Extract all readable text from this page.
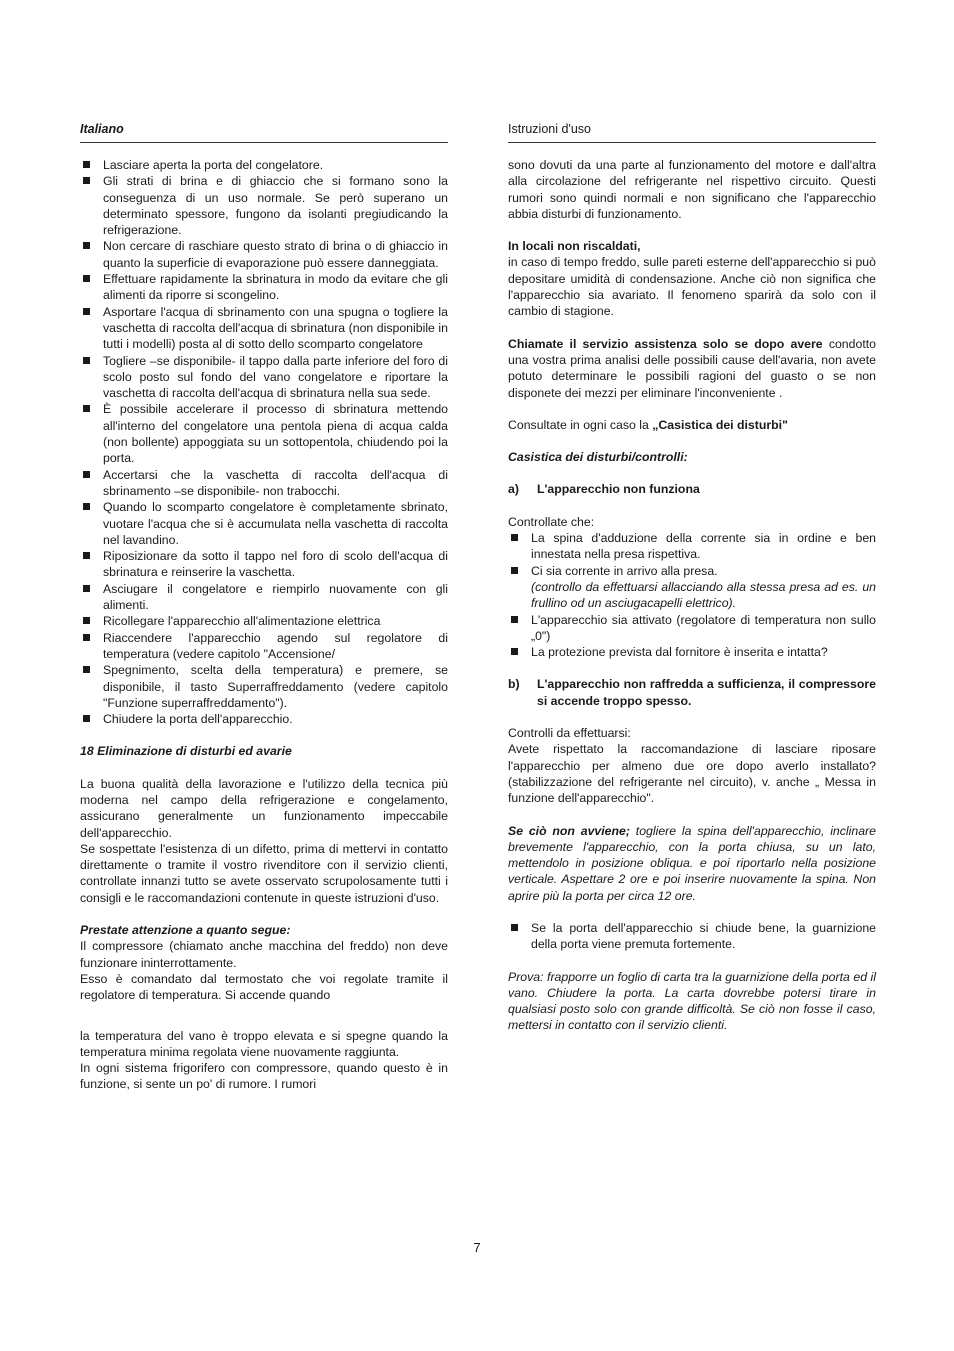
Italiano	Istruzioni d'uso
Lasciare aperta la porta del congelatore.
Gli strati di brina e di ghiaccio che si formano sono la conseguenza di un uso normale. Se però superano un determinato spessore, fungono da isolanti pregiudicando la refrigerazione.
Non cercare di raschiare questo strato di brina o di ghiaccio in quanto la superficie di evaporazione può essere danneggiata.
Effettuare rapidamente la sbrinatura in modo da evitare che gli alimenti da riporre si scongelino.
Asportare l'acqua di sbrinamento con una spugna o togliere la vaschetta di raccolta dell'acqua di sbrinatura (non disponibile in tutti i modelli) posta al di sotto dello scomparto congelatore
Togliere –se disponibile- il tappo dalla parte inferiore del foro di scolo posto sul fondo del vano congelatore e riportare la vaschetta di raccolta dell'acqua di sbrinatura nella sua sede.
È possibile accelerare il processo di sbrinatura mettendo all'interno del congelatore una pentola piena di acqua calda (non bollente) appoggiata su un sottopentola, chiudendo poi la porta.
Accertarsi che la vaschetta di raccolta dell'acqua di sbrinamento –se disponibile- non trabocchi.
Quando lo scomparto congelatore è completamente sbrinato, vuotare l'acqua che si è accumulata nella vaschetta di raccolta nel lavandino.
Riposizionare da sotto il tappo nel foro di scolo dell'acqua di sbrinatura e reinserire la vaschetta.
Asciugare il congelatore e riempirlo nuovamente con gli alimenti.
Ricollegare l'apparecchio all'alimentazione elettrica
Riaccendere l'apparecchio agendo sul regolatore di temperatura (vedere capitolo "Accensione/
Spegnimento, scelta della temperatura) e premere, se disponibile, il tasto Superraffreddamento (vedere capitolo "Funzione superraffreddamento").
Chiudere la porta dell'apparecchio.

18 Eliminazione di disturbi ed avarie

La buona qualità della lavorazione e l'utilizzo della tecnica più moderna nel campo della refrigerazione e congelamento, assicurano generalmente un funzionamento impeccabile dell'apparecchio.

Se sospettate l'esistenza di un difetto, prima di mettervi in contatto direttamente o tramite il vostro rivenditore con il servizio clienti, controllate innanzi tutto se avete osservato scrupolosamente tutti i consigli e le raccomandazioni contenute in queste istruzioni d'uso.

Prestate attenzione a quanto segue:

Il compressore (chiamato anche macchina del freddo) non deve funzionare ininterrottamente.

Esso è comandato dal termostato che voi regolate tramite il regolatore di temperatura. Si accende quando

la temperatura del vano è troppo elevata e si spegne quando la temperatura minima regolata viene nuovamente raggiunta.

In ogni sistema frigorifero con compressore, quando questo è in funzione, si sente un po' di rumore. I rumori

sono dovuti da una parte al funzionamento del motore e dall'altra alla circolazione del refrigerante nel rispettivo circuito. Questi rumori sono quindi normali e non significano che l'apparecchio abbia disturbi di funzionamento.

In locali non riscaldati,

in caso di tempo freddo, sulle pareti esterne dell'apparecchio si può depositare umidità di condensazione. Anche ciò non significa che l'apparecchio sia avariato. Il fenomeno sparirà da solo con il cambio di stagione.

Chiamate il servizio assistenza solo se dopo avere condotto una vostra prima analisi delle possibili cause dell'avaria, non avete potuto determinare le possibili ragioni del guasto o se non disponete dei mezzi per eliminare l'inconveniente .

Consultate in ogni caso la „Casistica dei disturbi"

Casistica dei disturbi/controlli:

a)	L'apparecchio non funziona

Controllate che:

La spina d'adduzione della corrente sia in ordine e ben innestata nella presa rispettiva.
Ci sia corrente in arrivo alla presa.
(controllo da effettuarsi allacciando alla stessa presa ad es. un frullino od un asciugacapelli elettrico).
L'apparecchio sia attivato (regolatore di temperatura non sullo „0")
La protezione prevista dal fornitore è inserita e intatta?
b)	L'apparecchio non raffredda a sufficienza, il compressore si accende troppo spesso.

Controlli da effettuarsi:

Avete rispettato la raccomandazione di lasciare riposare l'apparecchio per almeno due ore dopo averlo installato? (stabilizzazione del refrigerante nel circuito), v. anche „ Messa in funzione dell'apparecchio".

Se ciò non avviene; togliere la spina dell'apparecchio, inclinare brevemente l'apparecchio, con la porta chiusa, su un lato, mettendolo in posizione obliqua. e poi riportarlo nella posizione verticale. Aspettare 2 ore e poi inserire nuovamente la spina. Non aprire più la porta per circa 12 ore.

Se la porta dell'apparecchio si chiude bene, la guarnizione della porta viene premuta fortemente.

Prova: frapporre un foglio di carta tra la guarnizione della porta ed il vano. Chiudere la porta. La carta dovrebbe potersi tirare in qualsiasi posto solo con grande difficoltà. Se ciò non fosse il caso, mettersi in contatto con il servizio clienti.

7
